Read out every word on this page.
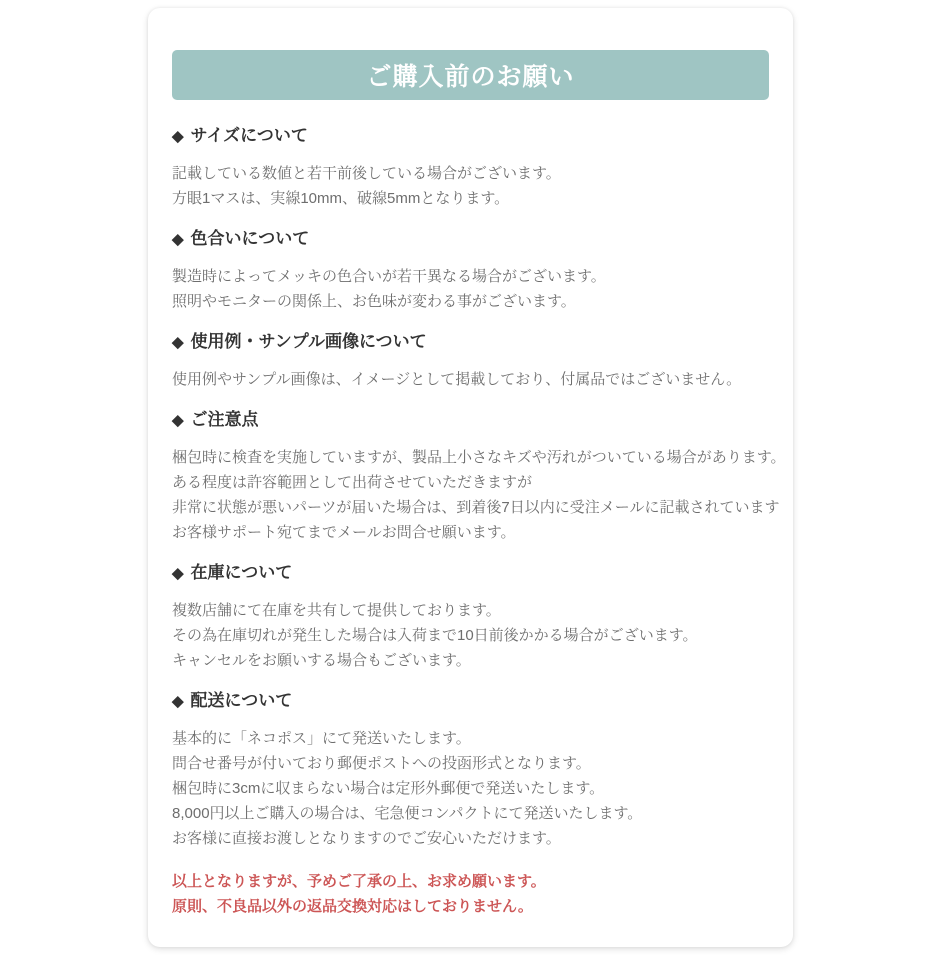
ご購入前のお願い
◆ サイズについて
記載している数値と若干前後している場合がございます。
方眼1マスは、実線10mm、破線5mmとなります。
◆ 色合いについて
製造時によってメッキの色合いが若干異なる場合がございます。
照明やモニターの関係上、お色味が変わる事がございます。
◆ 使用例・サンプル画像について
使用例やサンプル画像は、イメージとして掲載しており、付属品ではございません。
◆ ご注意点
梱包時に検査を実施していますが、製品上小さなキズや汚れがついている場合があります。
ある程度は許容範囲として出荷させていただきますが
非常に状態が悪いパーツが届いた場合は、到着後7日以内に受注メールに記載されています
お客様サポート宛てまでメールお問合せ願います。
◆ 在庫について
複数店舗にて在庫を共有して提供しております。
その為在庫切れが発生した場合は入荷まで10日前後かかる場合がございます。
キャンセルをお願いする場合もございます。
◆ 配送について
基本的に「ネコポス」にて発送いたします。
問合せ番号が付いており郵便ポストへの投函形式となります。
梱包時に3cmに収まらない場合は定形外郵便で発送いたします。
8,000円以上ご購入の場合は、宅急便コンパクトにて発送いたします。
お客様に直接お渡しとなりますのでご安心いただけます。
以上となりますが、予めご了承の上、お求め願います。
原則、不良品以外の返品交換対応はしておりません。
